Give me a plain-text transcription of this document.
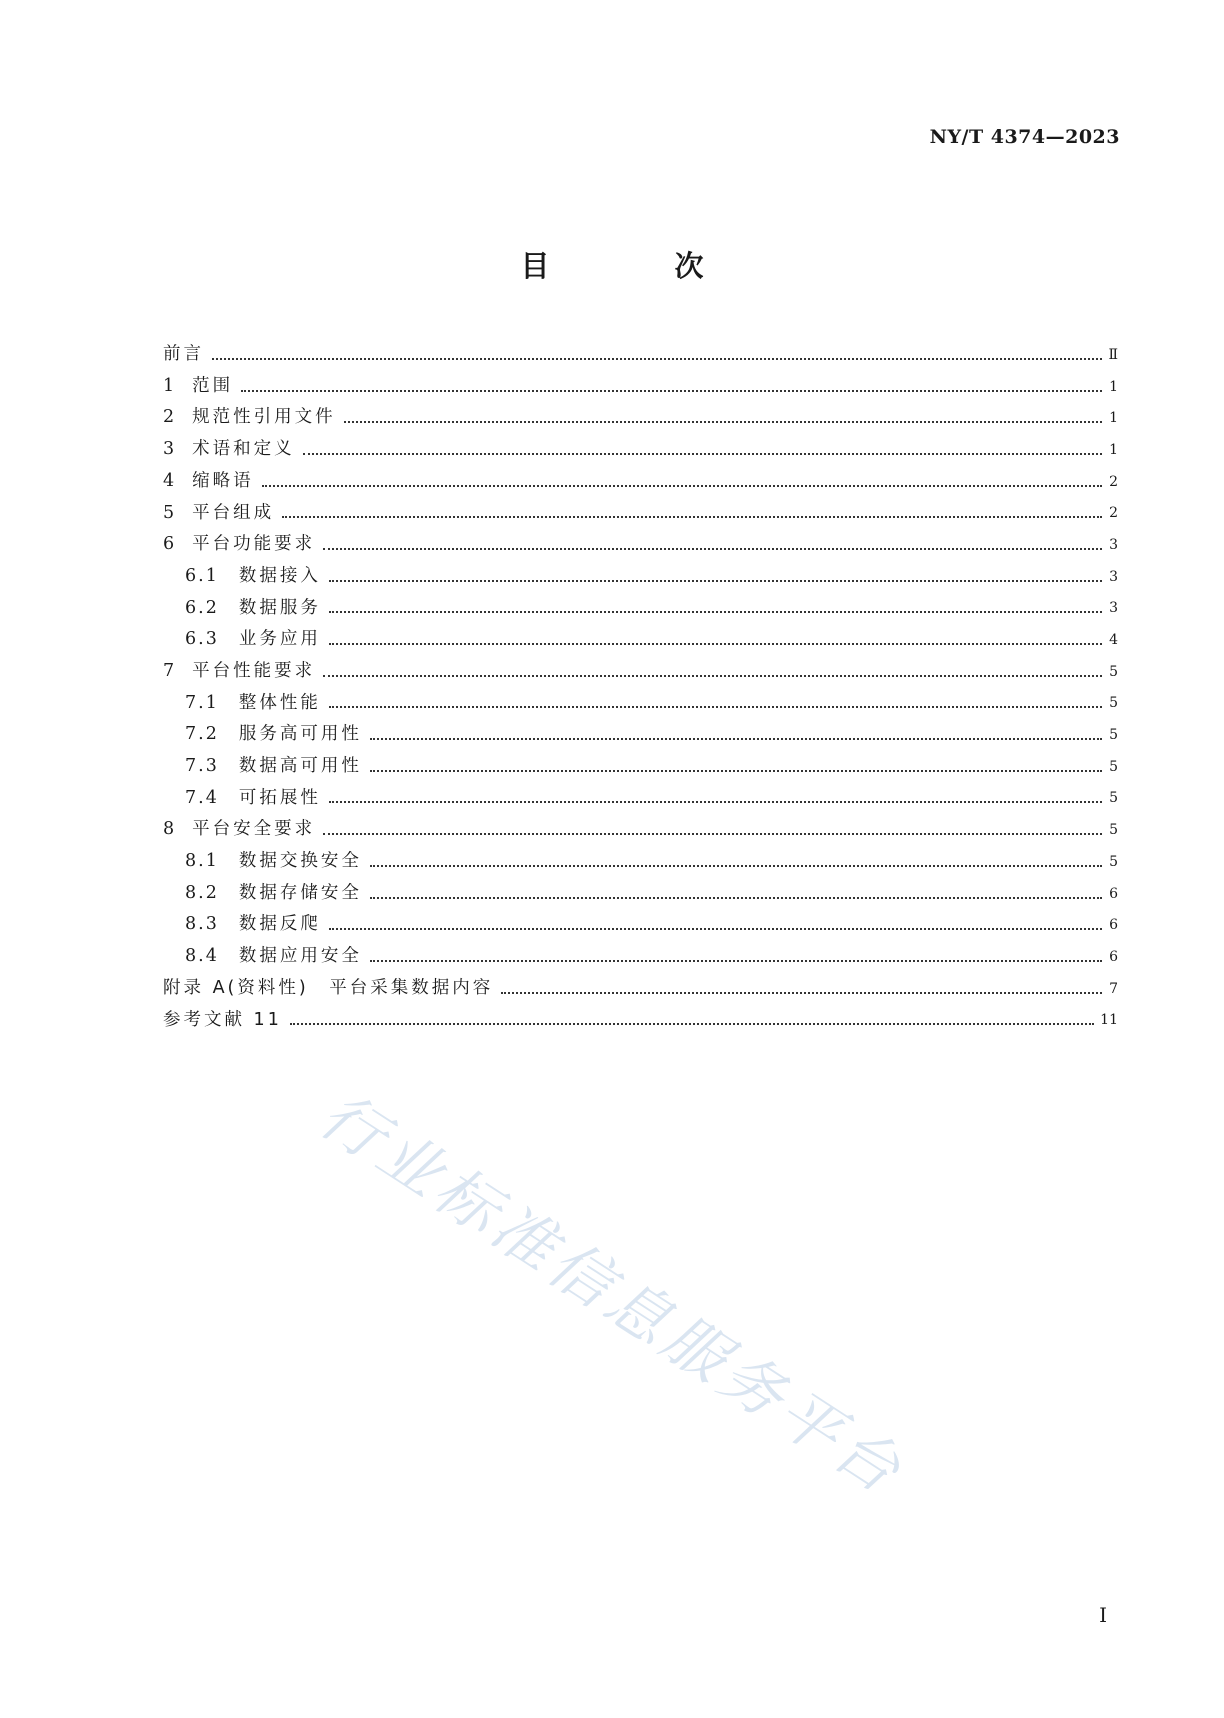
NY/T 4374—2023
目　次
前言	Ⅱ
1 范围	1
2 规范性引用文件	1
3 术语和定义	1
4 缩略语	2
5 平台组成	2
6 平台功能要求	3
6.1 数据接入	3
6.2 数据服务	3
6.3 业务应用	4
7 平台性能要求	5
7.1 整体性能	5
7.2 服务高可用性	5
7.3 数据高可用性	5
7.4 可拓展性	5
8 平台安全要求	5
8.1 数据交换安全	5
8.2 数据存储安全	6
8.3 数据反爬	6
8.4 数据应用安全	6
附录 A(资料性)　平台采集数据内容	7
参考文献 11	11
行业标准信息服务平台
I
